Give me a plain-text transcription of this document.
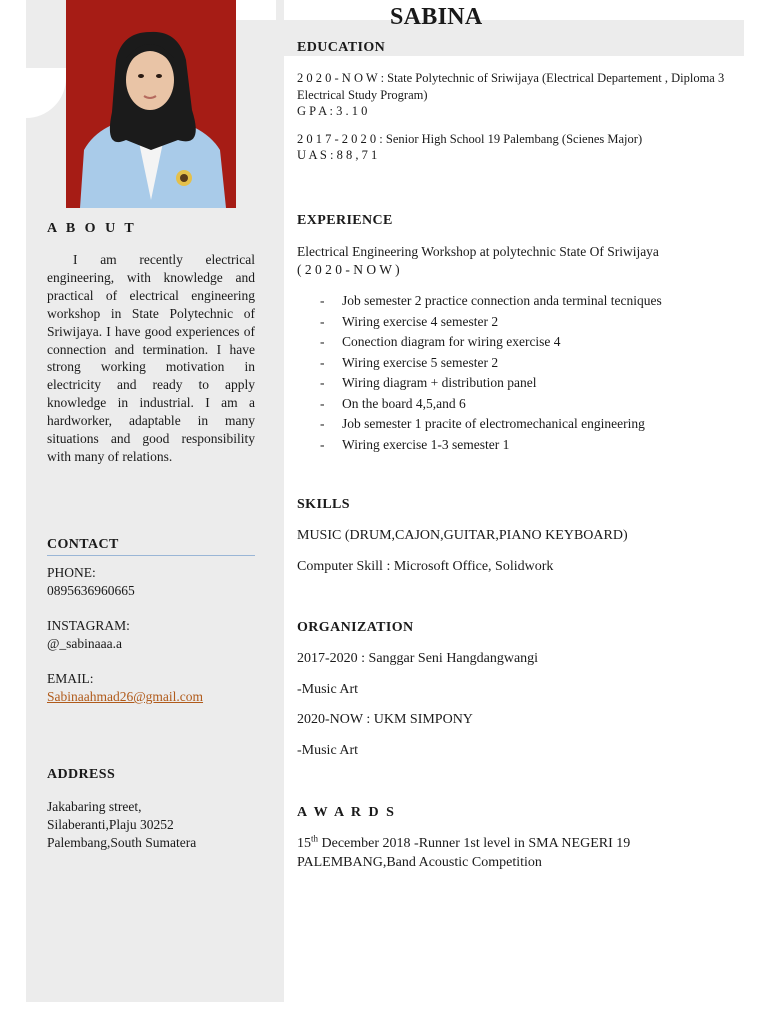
SABINA
A B O U T

I am recently electrical engineering, with knowledge and practical of electrical engineering workshop in State Polytechnic of Sriwijaya. I have good experiences of connection and termination. I have strong working motivation in electricity and ready to apply knowledge in industrial. I am a hardworker, adaptable in many situations and good responsibility with many of relations.

CONTACT
PHONE:
0895636960665
INSTAGRAM:
@_sabinaaa.a
EMAIL:
Sabinaahmad26@gmail.com
ADDRESS
Jakabaring street,
Silaberanti,Plaju 30252
Palembang,South Sumatera
EDUCATION
2 0 2 0 - N O W : State Polytechnic of Sriwijaya (Electrical Departement , Diploma 3 Electrical Study Program)
G P A : 3 . 1 0
2 0 1 7 - 2 0 2 0 : Senior High School 19 Palembang (Scienes Major)
U A S : 8 8 , 7 1
EXPERIENCE
Electrical Engineering Workshop at polytechnic State Of Sriwijaya
( 2 0 2 0 - N O W )
- Job semester 2 practice connection anda terminal tecniques
- Wiring exercise 4 semester 2
- Conection diagram for wiring exercise 4
- Wiring exercise 5 semester 2
- Wiring diagram + distribution panel
- On the board 4,5,and 6
- Job semester 1 pracite of electromechanical engineering
- Wiring exercise 1-3 semester 1
SKILLS

MUSIC (DRUM,CAJON,GUITAR,PIANO KEYBOARD)

Computer Skill : Microsoft Office, Solidwork

ORGANIZATION

2017-2020 : Sanggar Seni Hangdangwangi

-Music Art

2020-NOW : UKM SIMPONY

-Music Art

A W A R D S
15th December 2018 -Runner 1st level in SMA NEGERI 19 PALEMBANG,Band Acoustic Competition
